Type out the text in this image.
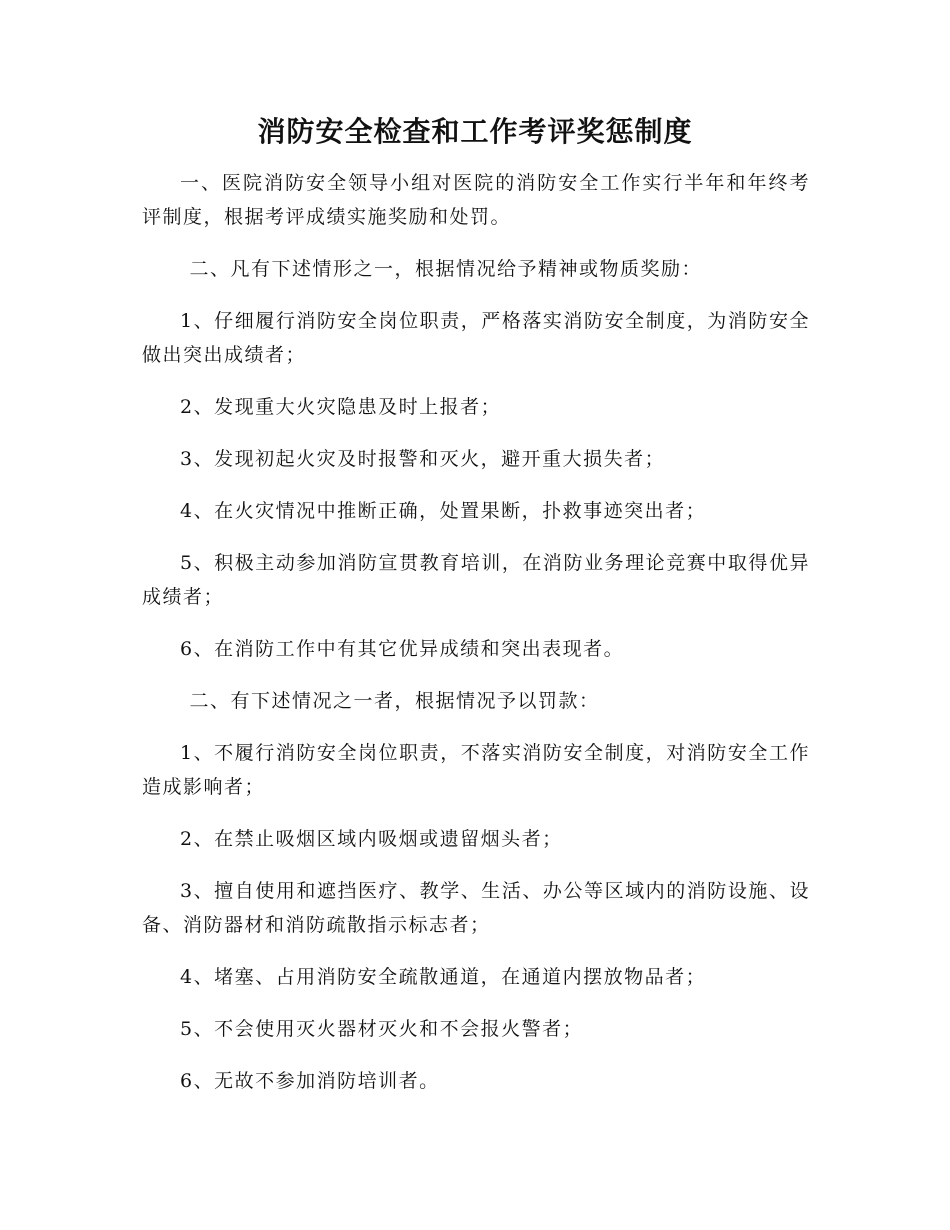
消防安全检查和工作考评奖惩制度

一、医院消防安全领导小组对医院的消防安全工作实行半年和年终考评制度，根据考评成绩实施奖励和处罚。

二、凡有下述情形之一，根据情况给予精神或物质奖励：

1、仔细履行消防安全岗位职责，严格落实消防安全制度，为消防安全做出突出成绩者；

2、发现重大火灾隐患及时上报者；

3、发现初起火灾及时报警和灭火，避开重大损失者；

4、在火灾情况中推断正确，处置果断，扑救事迹突出者；

5、积极主动参加消防宣贯教育培训，在消防业务理论竞赛中取得优异成绩者；

6、在消防工作中有其它优异成绩和突出表现者。

二、有下述情况之一者，根据情况予以罚款：

1、不履行消防安全岗位职责，不落实消防安全制度，对消防安全工作造成影响者；

2、在禁止吸烟区域内吸烟或遗留烟头者；

3、擅自使用和遮挡医疗、教学、生活、办公等区域内的消防设施、设备、消防器材和消防疏散指示标志者；

4、堵塞、占用消防安全疏散通道，在通道内摆放物品者；

5、不会使用灭火器材灭火和不会报火警者；

6、无故不参加消防培训者。
